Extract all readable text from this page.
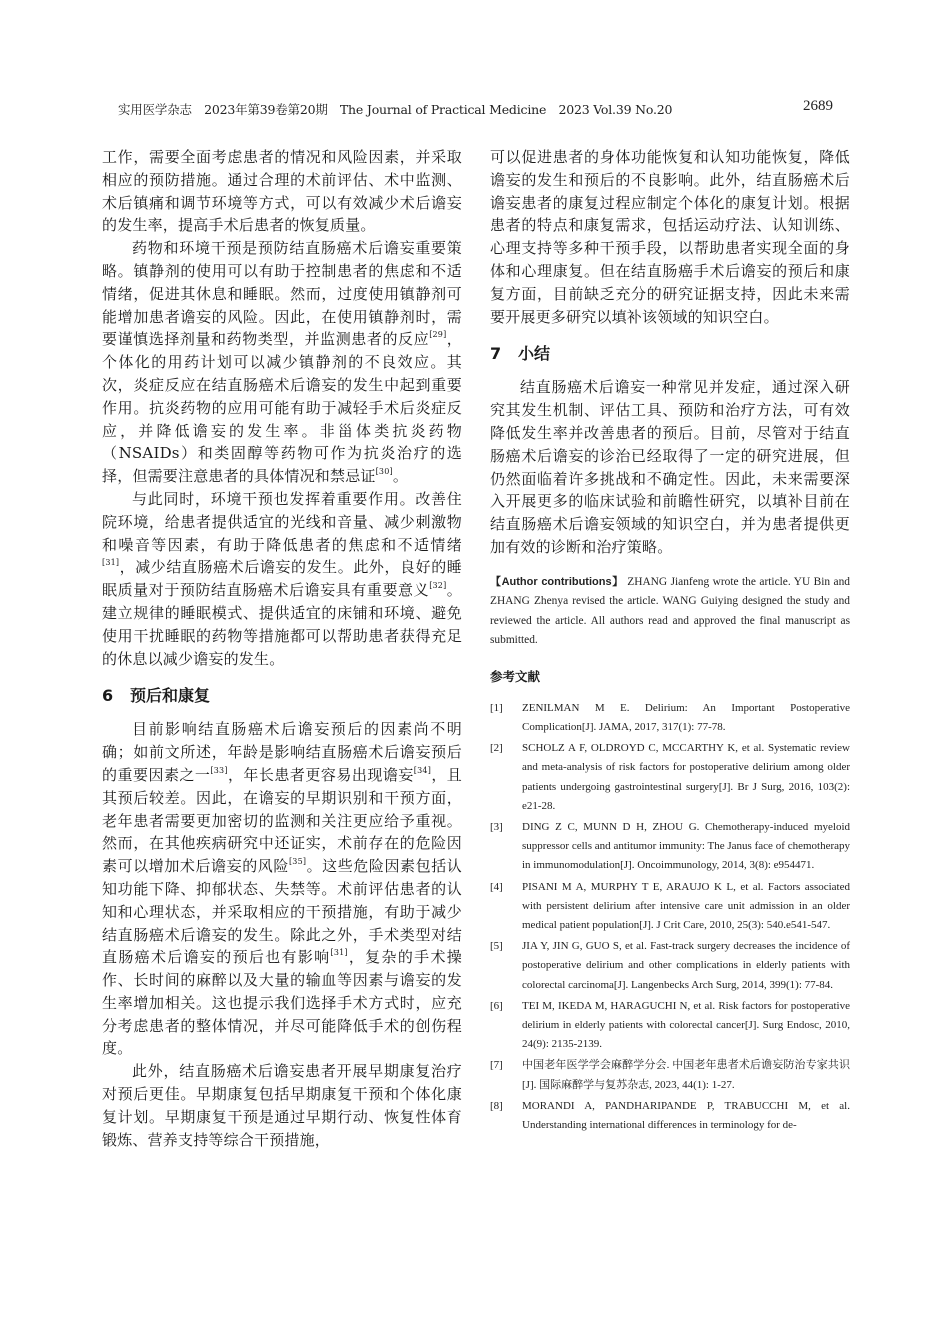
实用医学杂志　2023年第39卷第20期　The Journal of Practical Medicine　2023 Vol.39 No.20	2689

工作，需要全面考虑患者的情况和风险因素，并采取相应的预防措施。通过合理的术前评估、术中监测、术后镇痛和调节环境等方式，可以有效减少术后谵妄的发生率，提高手术后患者的恢复质量。

药物和环境干预是预防结直肠癌术后谵妄重要策略。镇静剂的使用可以有助于控制患者的焦虑和不适情绪，促进其休息和睡眠。然而，过度使用镇静剂可能增加患者谵妄的风险。因此，在使用镇静剂时，需要谨慎选择剂量和药物类型，并监测患者的反应[29]，个体化的用药计划可以减少镇静剂的不良效应。其次，炎症反应在结直肠癌术后谵妄的发生中起到重要作用。抗炎药物的应用可能有助于减轻手术后炎症反应，并降低谵妄的发生率。非甾体类抗炎药物（NSAIDs）和类固醇等药物可作为抗炎治疗的选择，但需要注意患者的具体情况和禁忌证[30]。

与此同时，环境干预也发挥着重要作用。改善住院环境，给患者提供适宜的光线和音量、减少刺激物和噪音等因素，有助于降低患者的焦虑和不适情绪[31]，减少结直肠癌术后谵妄的发生。此外，良好的睡眠质量对于预防结直肠癌术后谵妄具有重要意义[32]。建立规律的睡眠模式、提供适宜的床铺和环境、避免使用干扰睡眠的药物等措施都可以帮助患者获得充足的休息以减少谵妄的发生。

6 预后和康复

目前影响结直肠癌术后谵妄预后的因素尚不明确；如前文所述，年龄是影响结直肠癌术后谵妄预后的重要因素之一[33]，年长患者更容易出现谵妄[34]，且其预后较差。因此，在谵妄的早期识别和干预方面，老年患者需要更加密切的监测和关注更应给予重视。然而，在其他疾病研究中还证实，术前存在的危险因素可以增加术后谵妄的风险[35]。这些危险因素包括认知功能下降、抑郁状态、失禁等。术前评估患者的认知和心理状态，并采取相应的干预措施，有助于减少结直肠癌术后谵妄的发生。除此之外，手术类型对结直肠癌术后谵妄的预后也有影响[31]，复杂的手术操作、长时间的麻醉以及大量的输血等因素与谵妄的发生率增加相关。这也提示我们选择手术方式时，应充分考虑患者的整体情况，并尽可能降低手术的创伤程度。

此外，结直肠癌术后谵妄患者开展早期康复治疗对预后更佳。早期康复包括早期康复干预和个体化康复计划。早期康复干预是通过早期行动、恢复性体育锻炼、营养支持等综合干预措施，

可以促进患者的身体功能恢复和认知功能恢复，降低谵妄的发生和预后的不良影响。此外，结直肠癌术后谵妄患者的康复过程应制定个体化的康复计划。根据患者的特点和康复需求，包括运动疗法、认知训练、心理支持等多种干预手段，以帮助患者实现全面的身体和心理康复。但在结直肠癌手术后谵妄的预后和康复方面，目前缺乏充分的研究证据支持，因此未来需要开展更多研究以填补该领域的知识空白。

7 小结

结直肠癌术后谵妄一种常见并发症，通过深入研究其发生机制、评估工具、预防和治疗方法，可有效降低发生率并改善患者的预后。目前，尽管对于结直肠癌术后谵妄的诊治已经取得了一定的研究进展，但仍然面临着许多挑战和不确定性。因此，未来需要深入开展更多的临床试验和前瞻性研究，以填补目前在结直肠癌术后谵妄领域的知识空白，并为患者提供更加有效的诊断和治疗策略。

【Author contributions】 ZHANG Jianfeng wrote the article. YU Bin and ZHANG Zhenya revised the article. WANG Guiying designed the study and reviewed the article. All authors read and approved the final manuscript as submitted.
参考文献
[1] ZENILMAN M E. Delirium: An Important Postoperative Complication[J]. JAMA, 2017, 317(1): 77-78.
[2] SCHOLZ A F, OLDROYD C, MCCARTHY K, et al. Systematic review and meta-analysis of risk factors for postoperative delirium among older patients undergoing gastrointestinal surgery[J]. Br J Surg, 2016, 103(2): e21-28.
[3] DING Z C, MUNN D H, ZHOU G. Chemotherapy-induced myeloid suppressor cells and antitumor immunity: The Janus face of chemotherapy in immunomodulation[J]. Oncoimmunology, 2014, 3(8): e954471.
[4] PISANI M A, MURPHY T E, ARAUJO K L, et al. Factors associated with persistent delirium after intensive care unit admission in an older medical patient population[J]. J Crit Care, 2010, 25(3): 540.e541-547.
[5] JIA Y, JIN G, GUO S, et al. Fast-track surgery decreases the incidence of postoperative delirium and other complications in elderly patients with colorectal carcinoma[J]. Langenbecks Arch Surg, 2014, 399(1): 77-84.
[6] TEI M, IKEDA M, HARAGUCHI N, et al. Risk factors for postoperative delirium in elderly patients with colorectal cancer[J]. Surg Endosc, 2010, 24(9): 2135-2139.
[7] 中国老年医学学会麻醉学分会. 中国老年患者术后谵妄防治专家共识[J]. 国际麻醉学与复苏杂志, 2023, 44(1): 1-27.
[8] MORANDI A, PANDHARIPANDE P, TRABUCCHI M, et al. Understanding international differences in terminology for de-
